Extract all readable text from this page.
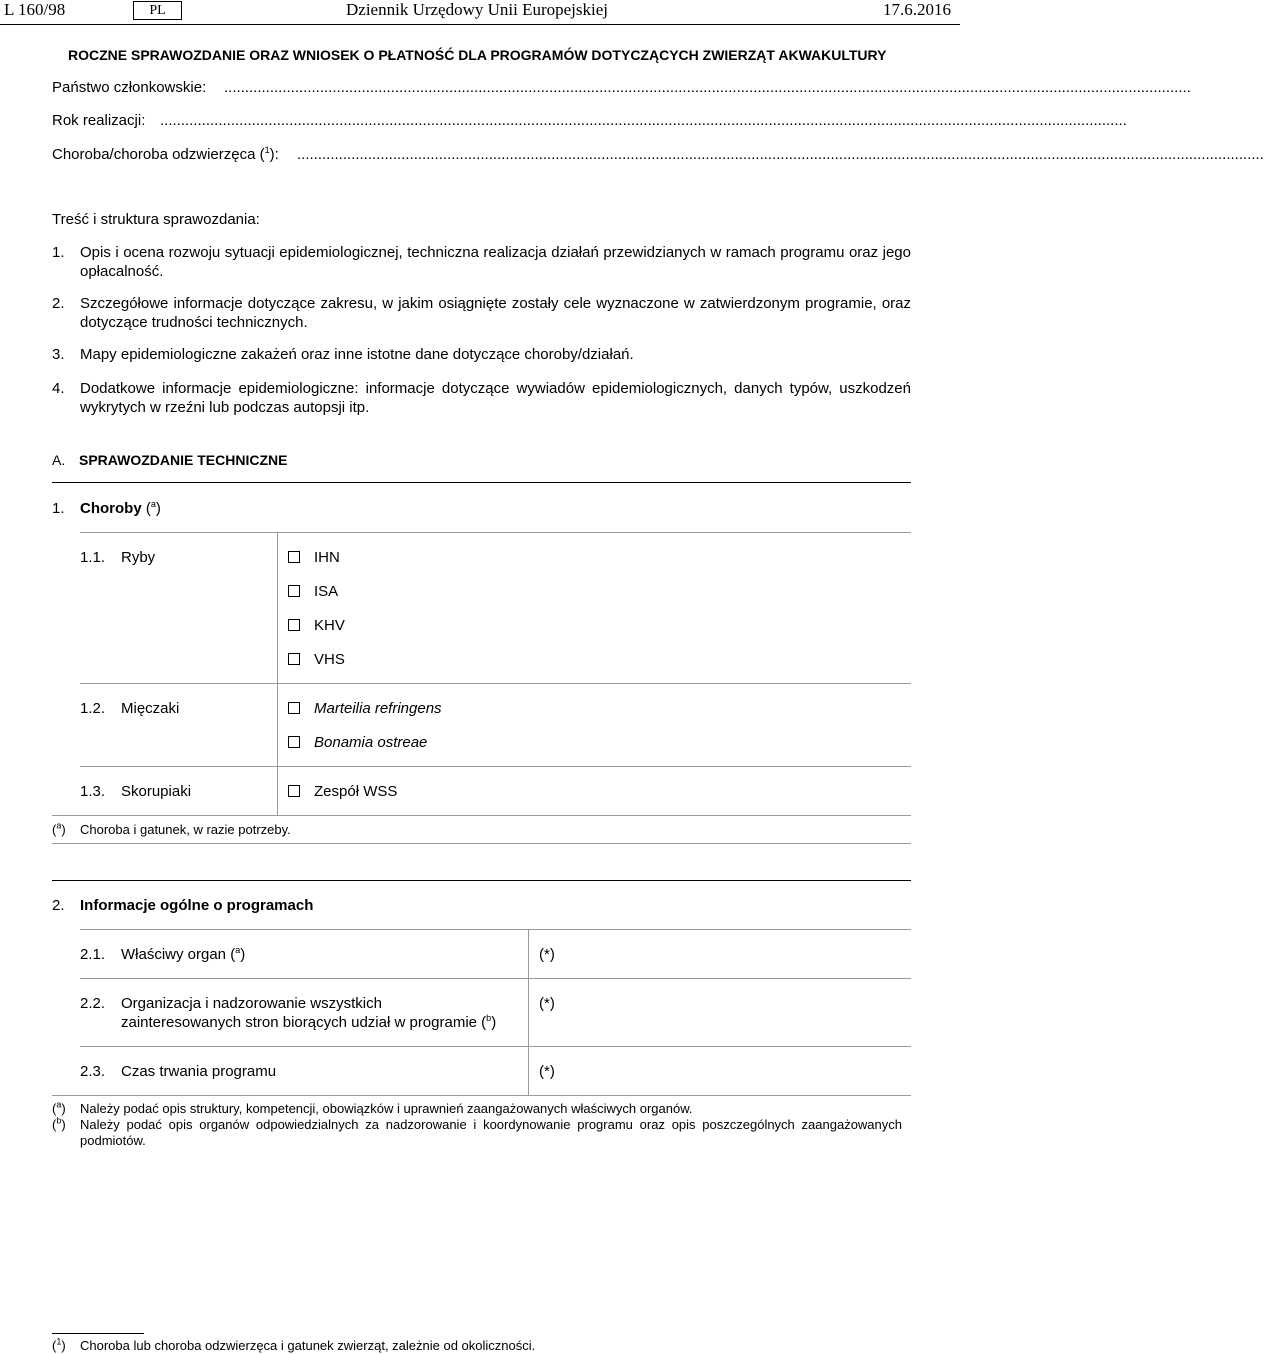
L 160/98	PL	Dziennik Urzędowy Unii Europejskiej	17.6.2016
ROCZNE SPRAWOZDANIE ORAZ WNIOSEK O PŁATNOŚĆ DLA PROGRAMÓW DOTYCZĄCYCH ZWIERZĄT AKWAKULTURY
Państwo członkowskie: ........................................................................................................................................................................................................................................
Rok realizacji: ........................................................................................................................................................................................................................................
Choroba/choroba odzwierzęca ($^1$): ........................................................................................................................................................................................................................................
Treść i struktura sprawozdania:
1. Opis i ocena rozwoju sytuacji epidemiologicznej, techniczna realizacja działań przewidzianych w ramach programu oraz jego opłacalność.
2. Szczegółowe informacje dotyczące zakresu, w jakim osiągnięte zostały cele wyznaczone w zatwierdzonym programie, oraz dotyczące trudności technicznych.
3. Mapy epidemiologiczne zakażeń oraz inne istotne dane dotyczące choroby/działań.
4. Dodatkowe informacje epidemiologiczne: informacje dotyczące wywiadów epidemiologicznych, danych typów, uszkodzeń wykrytych w rzeźni lub podczas autopsji itp.
A. SPRAWOZDANIE TECHNICZNE
1. Choroby ($^a$)
1.1. Ryby	IHN
ISA
KHV
VHS
1.2. Mięczaki	Marteilia refringens
Bonamia ostreae
1.3. Skorupiaki	Zespół WSS
($^a$) Choroba i gatunek, w razie potrzeby.
2. Informacje ogólne o programach
2.1. Właściwy organ ($^a$)	(*)
2.2. Organizacja i nadzorowanie wszystkich
zainteresowanych stron biorących udział w programie ($^b$)
(*)
2.3. Czas trwania programu	(*)
($^a$) Należy podać opis struktury, kompetencji, obowiązków i uprawnień zaangażowanych właściwych organów.
($^b$) Należy podać opis organów odpowiedzialnych za nadzorowanie i koordynowanie programu oraz opis poszczególnych zaangażowanych podmiotów.
($^1$) Choroba lub choroba odzwierzęca i gatunek zwierząt, zależnie od okoliczności.
